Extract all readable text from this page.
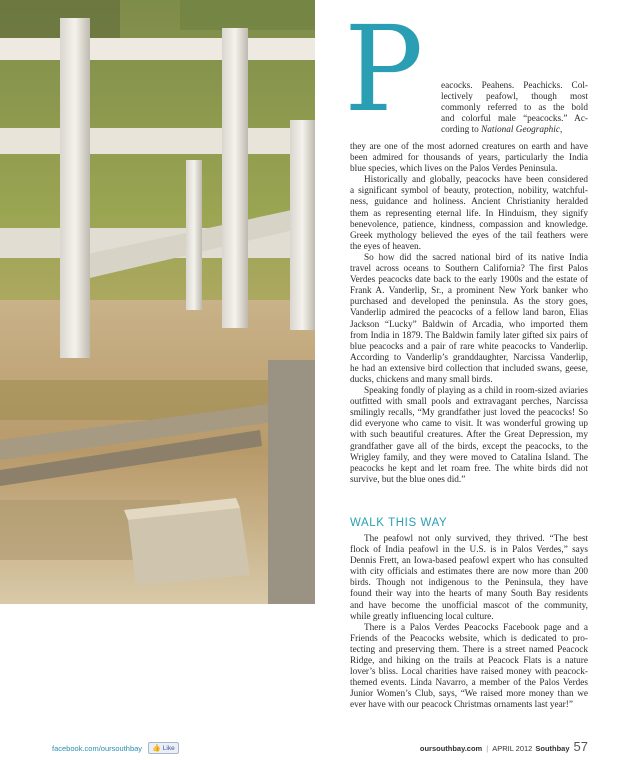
P eacocks. Peahens. Peachicks. Col-
lectively peafowl, though most
commonly referred to as the bold
and colorful male “peacocks.” Ac-
cording to National Geographic,
they are one of the most adorned creatures on earth and have
been admired for thousands of years, particularly the India
blue species, which lives on the Palos Verdes Peninsula.
Historically and globally, peacocks have been considered
a significant symbol of beauty, protection, nobility, watchful-
ness, guidance and holiness. Ancient Christianity heralded
them as representing eternal life. In Hinduism, they signify
benevolence, patience, kindness, compassion and knowledge.
Greek mythology believed the eyes of the tail feathers were
the eyes of heaven.
So how did the sacred national bird of its native India
travel across oceans to Southern California? The first Palos
Verdes peacocks date back to the early 1900s and the estate of
Frank A. Vanderlip, Sr., a prominent New York banker who
purchased and developed the peninsula. As the story goes,
Vanderlip admired the peacocks of a fellow land baron, Elias
Jackson “Lucky” Baldwin of Arcadia, who imported them
from India in 1879. The Baldwin family later gifted six pairs of
blue peacocks and a pair of rare white peacocks to Vanderlip.
According to Vanderlip’s granddaughter, Narcissa Vanderlip,
he had an extensive bird collection that included swans, geese,
ducks, chickens and many small birds.
Speaking fondly of playing as a child in room-sized aviaries
outfitted with small pools and extravagant perches, Narcissa
smilingly recalls, “My grandfather just loved the peacocks! So
did everyone who came to visit. It was wonderful growing up
with such beautiful creatures. After the Great Depression, my
grandfather gave all of the birds, except the peacocks, to the
Wrigley family, and they were moved to Catalina Island. The
peacocks he kept and let roam free. The white birds did not
survive, but the blue ones did.”
WALK THIS WAY
The peafowl not only survived, they thrived. “The best
flock of India peafowl in the U.S. is in Palos Verdes,” says
Dennis Frett, an Iowa-based peafowl expert who has consulted
with city officials and estimates there are now more than 200
birds. Though not indigenous to the Peninsula, they have
found their way into the hearts of many South Bay residents
and have become the unofficial mascot of the community,
while greatly influencing local culture.
There is a Palos Verdes Peacocks Facebook page and a
Friends of the Peacocks website, which is dedicated to pro-
tecting and preserving them. There is a street named Peacock
Ridge, and hiking on the trails at Peacock Flats is a nature
lover’s bliss. Local charities have raised money with peacock-
themed events. Linda Navarro, a member of the Palos Verdes
Junior Women’s Club, says, “We raised more money than we
ever have with our peacock Christmas ornaments last year!”
facebook.com/oursouthbay 👍 Like	oursouthbay.com | APRIL 2012 Southbay 57
